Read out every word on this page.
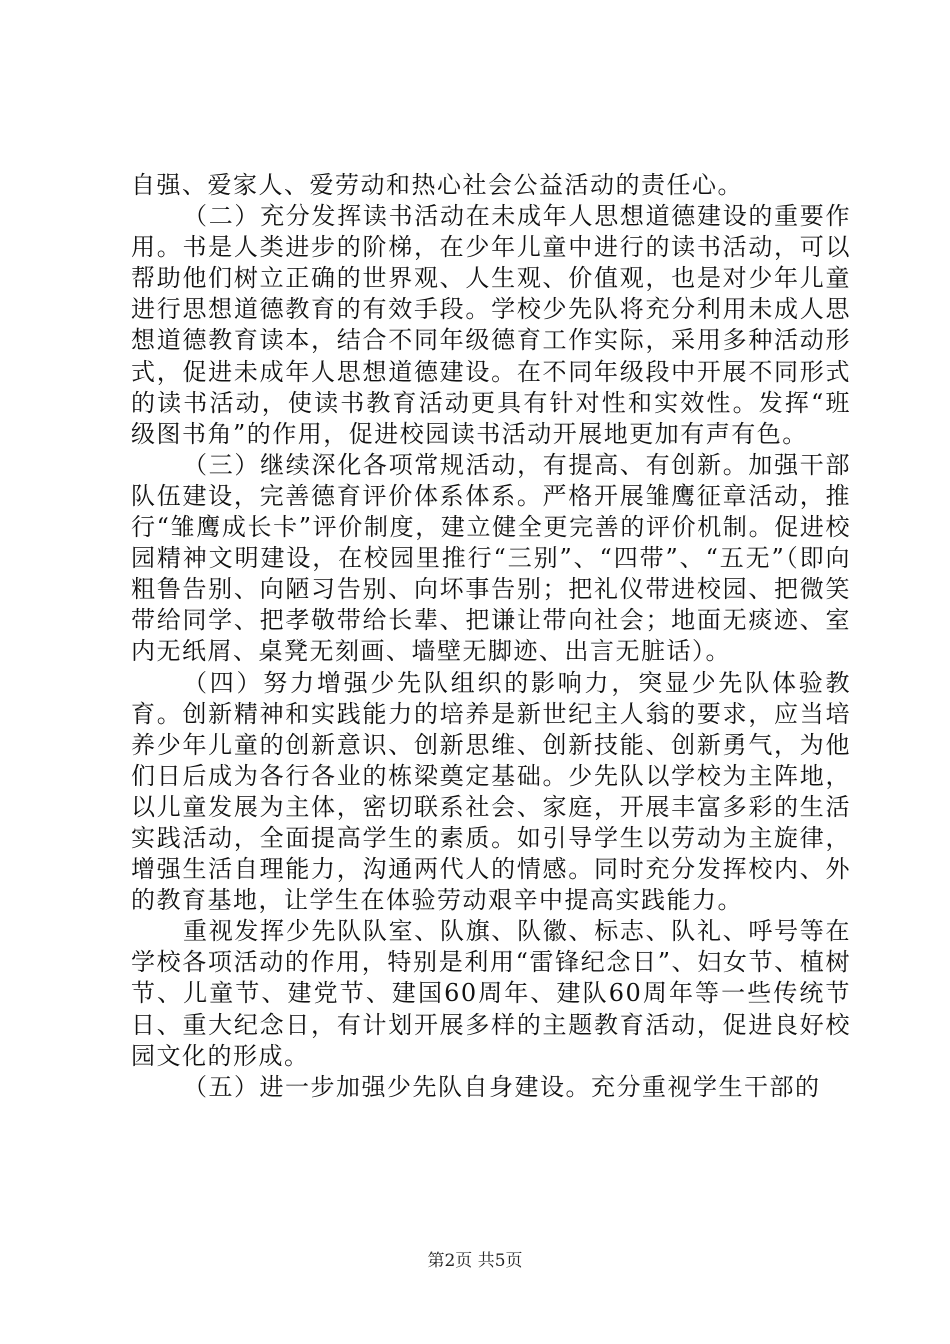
自强、爱家人、爱劳动和热心社会公益活动的责任心。

（二）充分发挥读书活动在未成年人思想道德建设的重要作用。书是人类进步的阶梯，在少年儿童中进行的读书活动，可以帮助他们树立正确的世界观、人生观、价值观，也是对少年儿童进行思想道德教育的有效手段。学校少先队将充分利用未成人思想道德教育读本，结合不同年级德育工作实际，采用多种活动形式，促进未成年人思想道德建设。在不同年级段中开展不同形式的读书活动，使读书教育活动更具有针对性和实效性。发挥“班级图书角”的作用，促进校园读书活动开展地更加有声有色。

（三）继续深化各项常规活动，有提高、有创新。加强干部队伍建设，完善德育评价体系体系。严格开展雏鹰征章活动，推行“雏鹰成长卡”评价制度，建立健全更完善的评价机制。促进校园精神文明建设，在校园里推行“三别”、“四带”、“五无”（即向粗鲁告别、向陋习告别、向坏事告别；把礼仪带进校园、把微笑带给同学、把孝敬带给长辈、把谦让带向社会；地面无痰迹、室内无纸屑、桌凳无刻画、墙壁无脚迹、出言无脏话）。

（四）努力增强少先队组织的影响力，突显少先队体验教育。创新精神和实践能力的培养是新世纪主人翁的要求，应当培养少年儿童的创新意识、创新思维、创新技能、创新勇气，为他们日后成为各行各业的栋梁奠定基础。少先队以学校为主阵地，以儿童发展为主体，密切联系社会、家庭，开展丰富多彩的生活实践活动，全面提高学生的素质。如引导学生以劳动为主旋律，增强生活自理能力，沟通两代人的情感。同时充分发挥校内、外的教育基地，让学生在体验劳动艰辛中提高实践能力。

重视发挥少先队队室、队旗、队徽、标志、队礼、呼号等在学校各项活动的作用，特别是利用“雷锋纪念日”、妇女节、植树节、儿童节、建党节、建国60周年、建队60周年等一些传统节日、重大纪念日，有计划开展多样的主题教育活动，促进良好校园文化的形成。

（五）进一步加强少先队自身建设。充分重视学生干部的

第2页 共5页
